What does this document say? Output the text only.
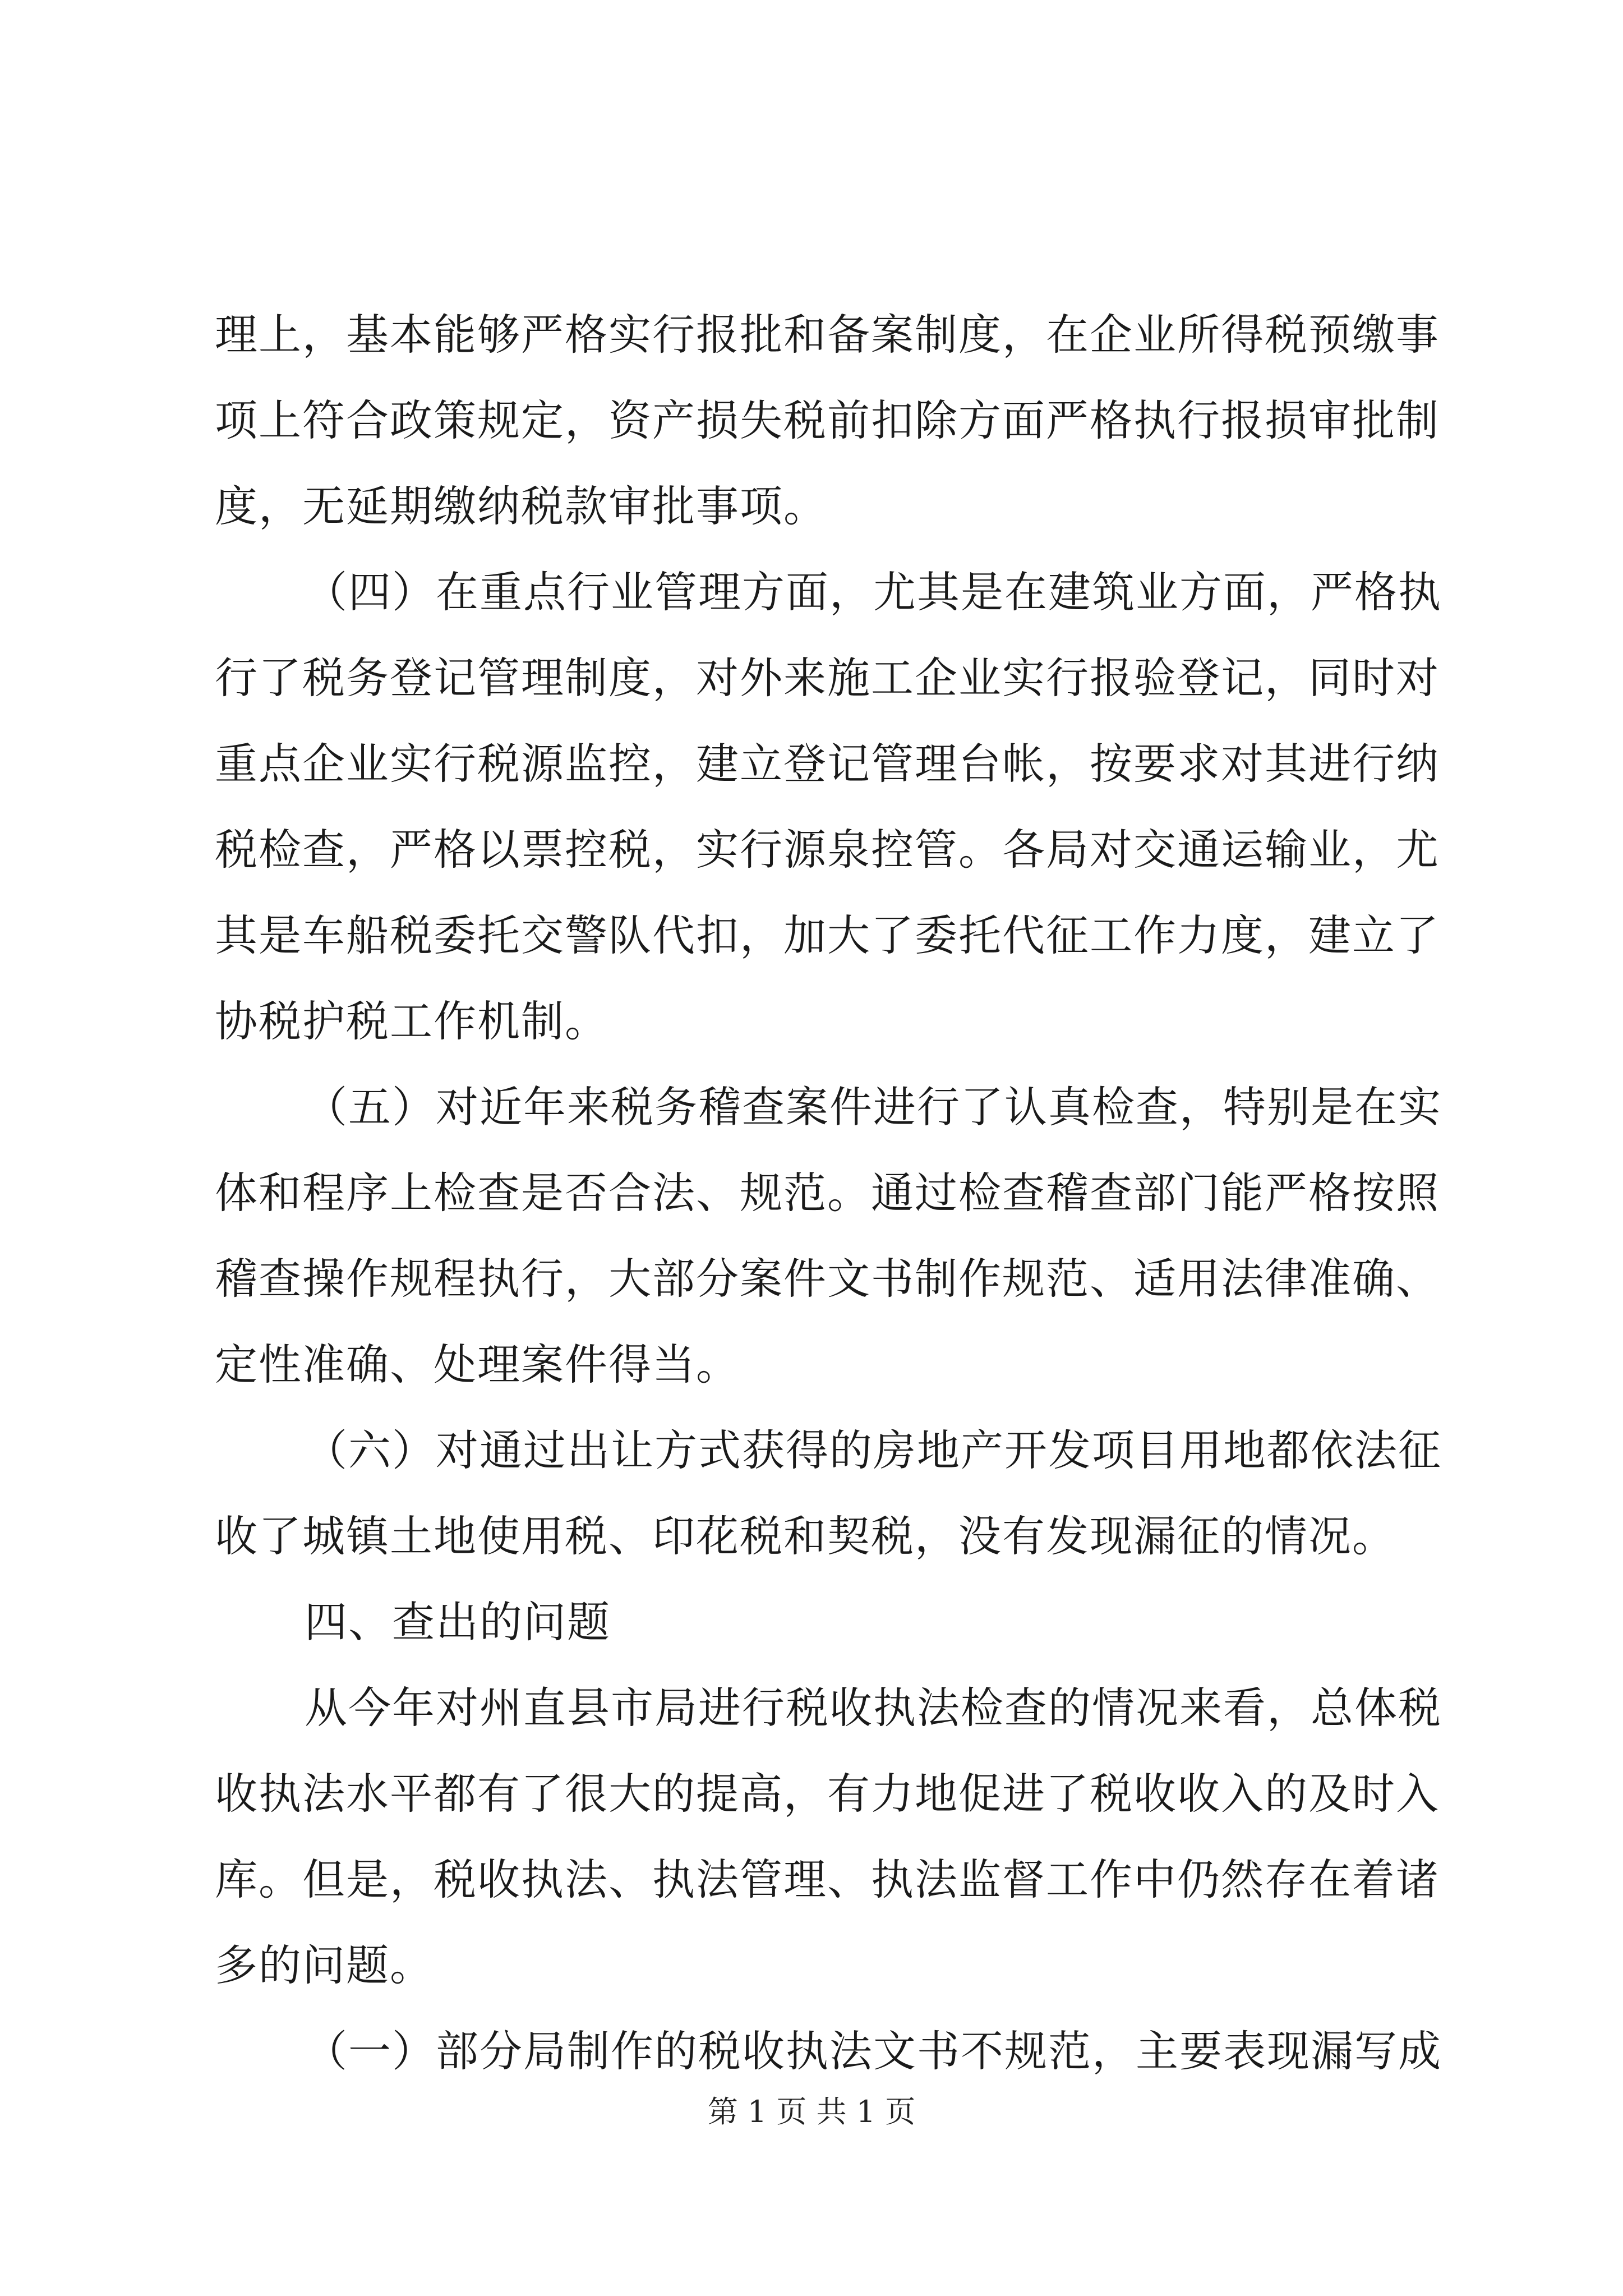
理上，基本能够严格实行报批和备案制度，在企业所得税预缴事
项上符合政策规定，资产损失税前扣除方面严格执行报损审批制
度，无延期缴纳税款审批事项。
（四）在重点行业管理方面，尤其是在建筑业方面，严格执
行了税务登记管理制度，对外来施工企业实行报验登记，同时对
重点企业实行税源监控，建立登记管理台帐，按要求对其进行纳
税检查，严格以票控税，实行源泉控管。各局对交通运输业，尤
其是车船税委托交警队代扣，加大了委托代征工作力度，建立了
协税护税工作机制。
（五）对近年来税务稽查案件进行了认真检查，特别是在实
体和程序上检查是否合法、规范。通过检查稽查部门能严格按照
稽查操作规程执行，大部分案件文书制作规范、适用法律准确、
定性准确、处理案件得当。
（六）对通过出让方式获得的房地产开发项目用地都依法征
收了城镇土地使用税、印花税和契税，没有发现漏征的情况。
四、查出的问题
从今年对州直县市局进行税收执法检查的情况来看，总体税
收执法水平都有了很大的提高，有力地促进了税收收入的及时入
库。但是，税收执法、执法管理、执法监督工作中仍然存在着诸
多的问题。
（一）部分局制作的税收执法文书不规范，主要表现漏写成
第 1 页 共 1 页
